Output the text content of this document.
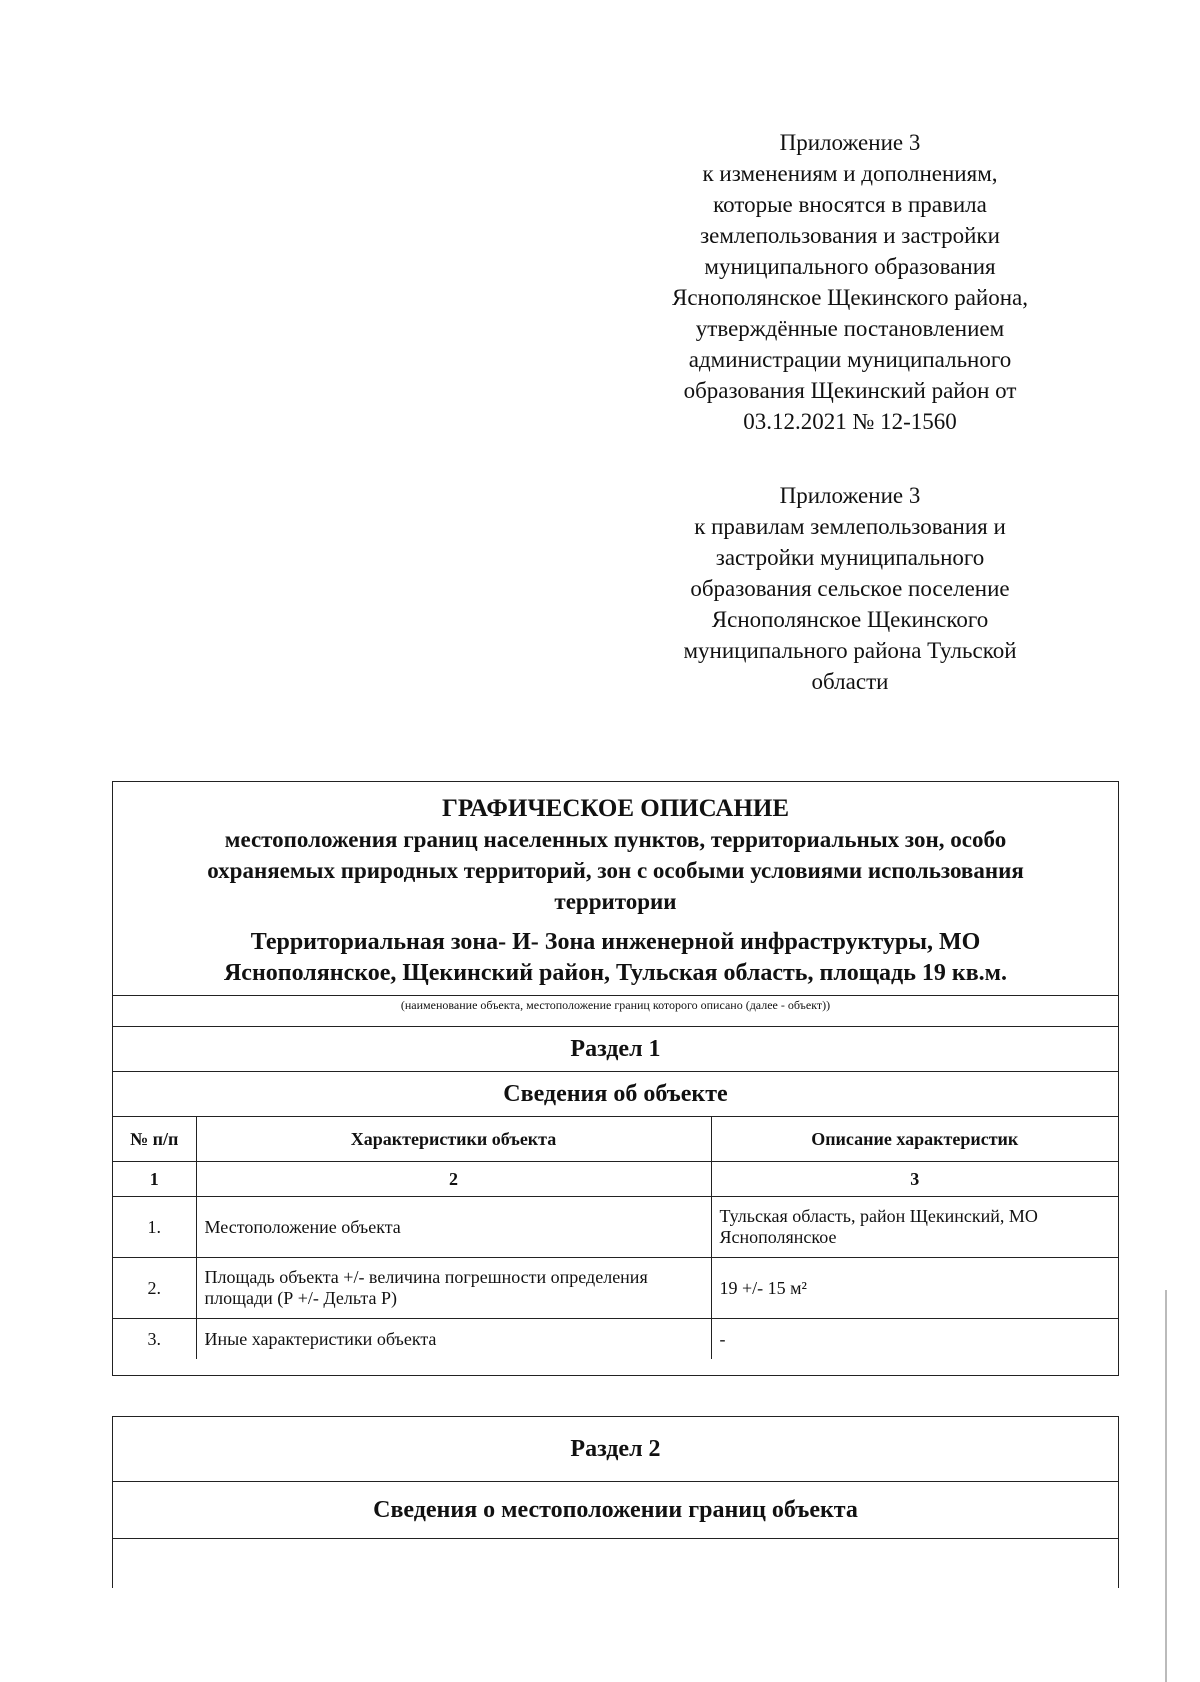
Приложение 3
к изменениям и дополнениям,
которые вносятся в правила
землепользования и застройки
муниципального образования
Яснополянское Щекинского района,
утверждённые постановлением
администрации муниципального
образования Щекинский район от
03.12.2021 № 12-1560
Приложение 3
к правилам землепользования и
застройки муниципального
образования сельское поселение
Яснополянское Щекинского
муниципального района Тульской
области
ГРАФИЧЕСКОЕ ОПИСАНИЕ
местоположения границ населенных пунктов, территориальных зон, особо
охраняемых природных территорий, зон с особыми условиями использования
территории
Территориальная зона- И- Зона инженерной инфраструктуры, МО
Яснополянское, Щекинский район, Тульская область, площадь 19 кв.м.
(наименование объекта, местоположение границ которого описано (далее - объект))
Раздел 1
Сведения об объекте
№ п/п	Характеристики объекта	Описание характеристик
1	2	3
1.	Местоположение объекта	Тульская область, район Щекинский, МО Яснополянское
2.	Площадь объекта +/- величина погрешности определения площади (Р +/- Дельта Р)	19 +/- 15 м²
3.	Иные характеристики объекта	-
Раздел 2
Сведения о местоположении границ объекта
